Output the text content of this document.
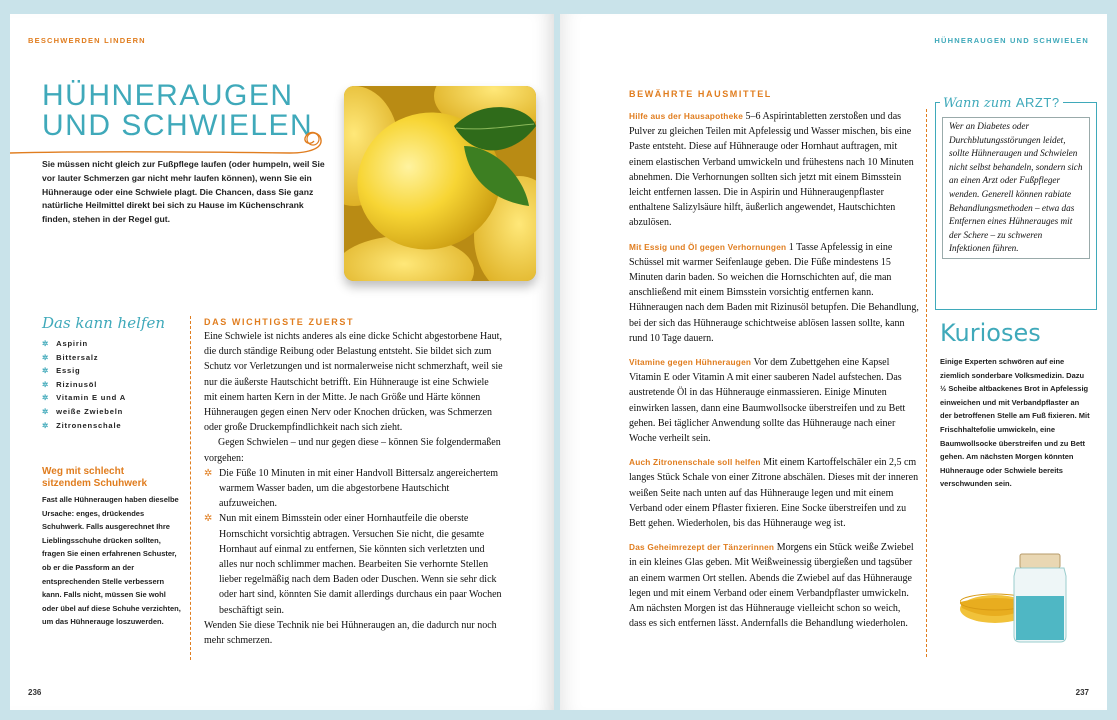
BESCHWERDEN LINDERN
HÜHNERAUGEN
UND SCHWIELEN
Sie müssen nicht gleich zur Fußpflege laufen (oder humpeln, weil Sie vor lauter Schmerzen gar nicht mehr laufen können), wenn Sie ein Hühnerauge oder eine Schwiele plagt. Die Chancen, dass Sie ganz natürliche Heilmittel direkt bei sich zu Hause im Küchenschrank finden, stehen in der Regel gut.
Das kann helfen
✲ Aspirin
✲ Bittersalz
✲ Essig
✲ Rizinusöl
✲ Vitamin E und A
✲ weiße Zwiebeln
✲ Zitronenschale
Weg mit schlecht
sitzendem Schuhwerk
Fast alle Hühneraugen haben dieselbe Ursache: enges, drückendes Schuhwerk. Falls ausgerechnet Ihre Lieblingsschuhe drücken sollten, fragen Sie einen erfahrenen Schuster, ob er die Passform an der entsprechenden Stelle verbessern kann. Falls nicht, müssen Sie wohl oder übel auf diese Schuhe verzichten, um das Hühnerauge loszuwerden.
DAS WICHTIGSTE ZUERST

Eine Schwiele ist nichts anderes als eine dicke Schicht abgestorbene Haut, die durch ständige Reibung oder Belastung entsteht. Sie bildet sich zum Schutz vor Verletzungen und ist normalerweise nicht schmerzhaft, weil sie nur die äußerste Hautschicht betrifft. Ein Hühnerauge ist eine Schwiele mit einem harten Kern in der Mitte. Je nach Größe und Härte können Hühneraugen gegen einen Nerv oder Knochen drücken, was Schmerzen oder große Druckempfindlichkeit nach sich zieht.

Gegen Schwielen – und nur gegen diese – können Sie folgendermaßen vorgehen:

✲ Die Füße 10 Minuten in mit einer Handvoll Bittersalz angereichertem warmem Wasser baden, um die abgestorbene Hautschicht aufzuweichen.

✲ Nun mit einem Bimsstein oder einer Hornhautfeile die oberste Hornschicht vorsichtig abtragen. Versuchen Sie nicht, die gesamte Hornhaut auf einmal zu entfernen, Sie könnten sich verletzten und alles nur noch schlimmer machen. Bearbeiten Sie verhornte Stellen lieber regelmäßig nach dem Baden oder Duschen. Wenn sie sehr dick oder hart sind, könnten Sie damit allerdings durchaus ein paar Wochen beschäftigt sein.

Wenden Sie diese Technik nie bei Hühneraugen an, die dadurch nur noch mehr schmerzen.

236
HÜHNERAUGEN UND SCHWIELEN
BEWÄHRTE HAUSMITTEL

Hilfe aus der Hausapotheke 5–6 Aspirintabletten zerstoßen und das Pulver zu gleichen Teilen mit Apfelessig und Wasser mischen, bis eine Paste entsteht. Diese auf Hühnerauge oder Hornhaut auftragen, mit einem elastischen Verband umwickeln und frühestens nach 10 Minuten abnehmen. Die Verhornungen sollten sich jetzt mit einem Bimsstein leicht entfernen lassen. Die in Aspirin und Hühneraugenpflaster enthaltene Salizylsäure hilft, äußerlich angewendet, Hautschichten abzulösen.

Mit Essig und Öl gegen Verhornungen 1 Tasse Apfelessig in eine Schüssel mit warmer Seifenlauge geben. Die Füße mindestens 15 Minuten darin baden. So weichen die Hornschichten auf, die man anschließend mit einem Bimsstein vorsichtig entfernen kann. Hühneraugen nach dem Baden mit Rizinusöl betupfen. Die Behandlung, bei der sich das Hühnerauge schichtweise ablösen lassen sollte, kann rund 10 Tage dauern.

Vitamine gegen Hühneraugen Vor dem Zubettgehen eine Kapsel Vitamin E oder Vitamin A mit einer sauberen Nadel aufstechen. Das austretende Öl in das Hühnerauge einmassieren. Einige Minuten einwirken lassen, dann eine Baumwollsocke überstreifen und zu Bett gehen. Bei täglicher Anwendung sollte das Hühnerauge nach einer Woche verheilt sein.

Auch Zitronenschale soll helfen Mit einem Kartoffelschäler ein 2,5 cm langes Stück Schale von einer Zitrone abschälen. Dieses mit der inneren weißen Seite nach unten auf das Hühnerauge legen und mit einem Verband oder einem Pflaster fixieren. Eine Socke überstreifen und zu Bett gehen. Wiederholen, bis das Hühnerauge weg ist.

Das Geheimrezept der Tänzerinnen Morgens ein Stück weiße Zwiebel in ein kleines Glas geben. Mit Weißweinessig übergießen und tagsüber an einem warmen Ort stellen. Abends die Zwiebel auf das Hühnerauge legen und mit einem Verband oder einem Verbandpflaster umwickeln. Am nächsten Morgen ist das Hühnerauge vielleicht schon so weich, dass es sich entfernen lässt. Andernfalls die Behandlung wiederholen.

Wer an Diabetes oder Durchblutungsstörungen leidet, sollte Hühneraugen und Schwielen nicht selbst behandeln, sondern sich an einen Arzt oder Fußpfleger wenden. Generell können rabiate Behandlungsmethoden – etwa das Entfernen eines Hühnerauges mit der Schere – zu schweren Infektionen führen.
Wann zum ARZT?
Kurioses
Einige Experten schwören auf eine ziemlich sonderbare Volksmedizin. Dazu ½ Scheibe altbackenes Brot in Apfelessig einweichen und mit Verbandpflaster an der betroffenen Stelle am Fuß fixieren. Mit Frischhaltefolie umwickeln, eine Baumwollsocke überstreifen und zu Bett gehen. Am nächsten Morgen könnten Hühnerauge oder Schwiele bereits verschwunden sein.
237
